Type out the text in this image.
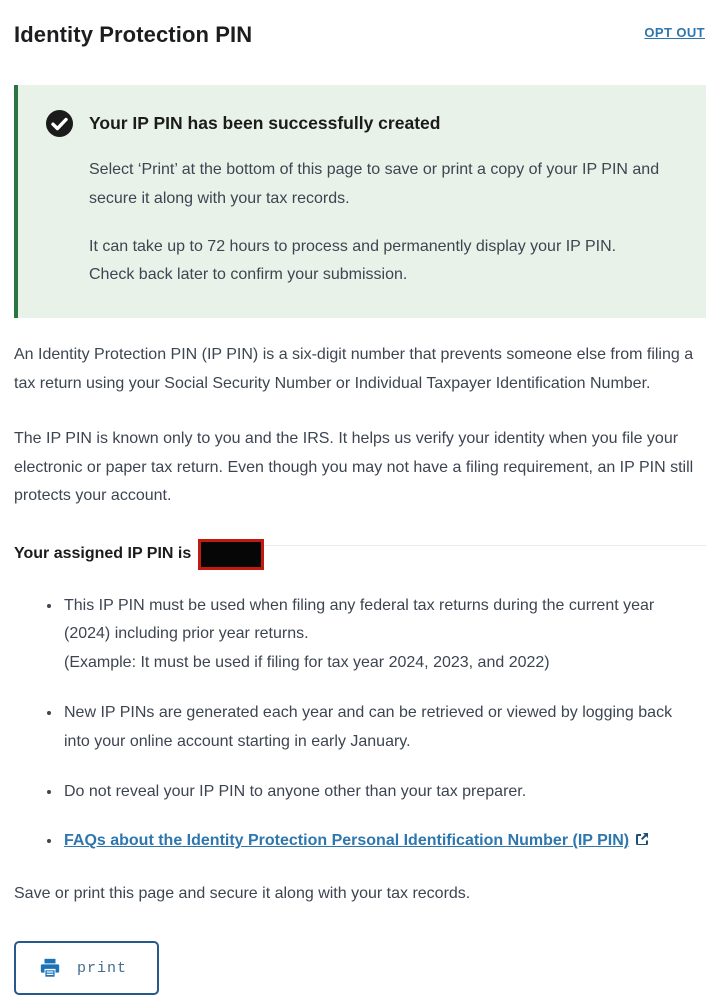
Identity Protection PIN	OPT OUT
Your IP PIN has been successfully created

Select ‘Print’ at the bottom of this page to save or print a copy of your IP PIN and secure it along with your tax records.

It can take up to 72 hours to process and permanently display your IP PIN. Check back later to confirm your submission.

An Identity Protection PIN (IP PIN) is a six-digit number that prevents someone else from filing a tax return using your Social Security Number or Individual Taxpayer Identification Number.

The IP PIN is known only to you and the IRS. It helps us verify your identity when you file your electronic or paper tax return. Even though you may not have a filing requirement, an IP PIN still protects your account.

Your assigned IP PIN is
• This IP PIN must be used when filing any federal tax returns during the current year (2024) including prior year returns.
(Example: It must be used if filing for tax year 2024, 2023, and 2022)
• New IP PINs are generated each year and can be retrieved or viewed by logging back into your online account starting in early January.
• Do not reveal your IP PIN to anyone other than your tax preparer.
• FAQs about the Identity Protection Personal Identification Number (IP PIN)

Save or print this page and secure it along with your tax records.

print
